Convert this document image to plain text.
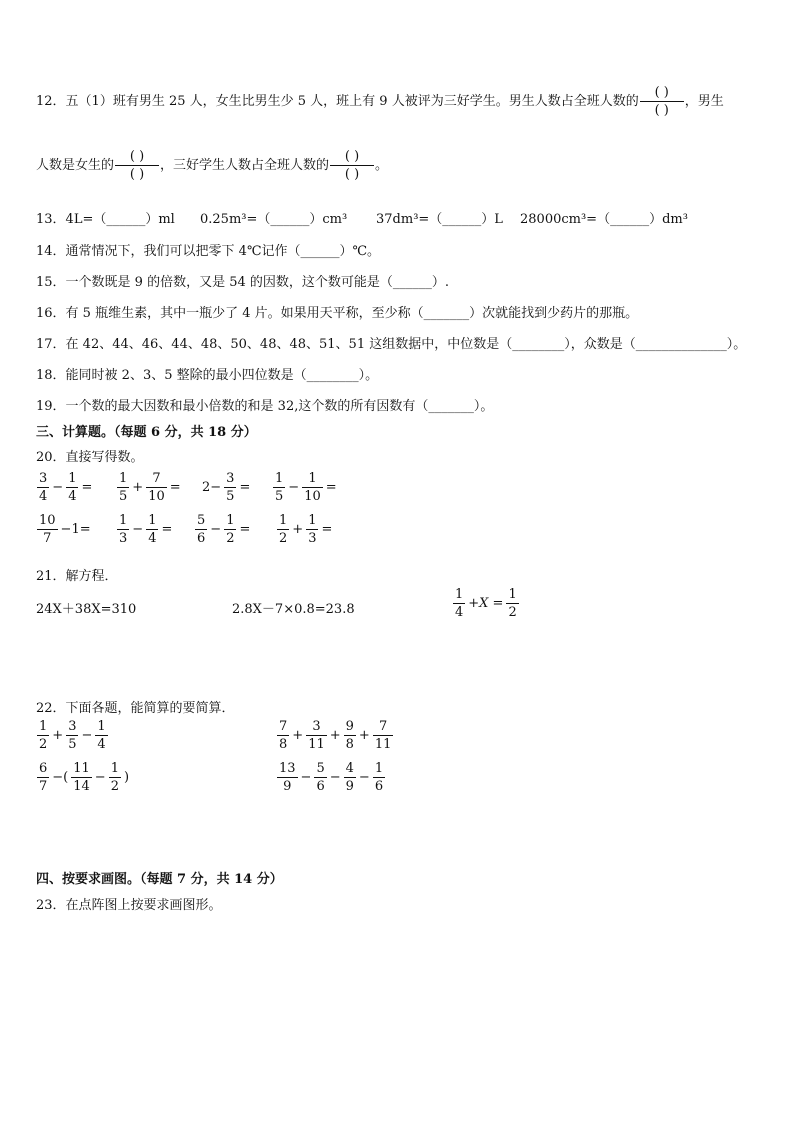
12．五（1）班有男生 25 人，女生比男生少 5 人，班上有 9 人被评为三好学生。男生人数占全班人数的 $\frac{( )}{( )}$ ，男生
人数是女生的 $\frac{( )}{( )}$ ，三好学生人数占全班人数的 $\frac{( )}{( )}$ 。
13．4L=（______）ml 0.25m³=（______）cm³ 37dm³=（______）L 28000cm³=（______）dm³
14．通常情况下，我们可以把零下 4℃记作（______）℃。
15．一个数既是 9 的倍数，又是 54 的因数，这个数可能是（______）.
16．有 5 瓶维生素，其中一瓶少了 4 片。如果用天平称，至少称（_______）次就能找到少药片的那瓶。
17．在 42、44、46、44、48、50、48、48、51、51 这组数据中，中位数是（________），众数是（______________）。
18．能同时被 2、3、5 整除的最小四位数是（________）。
19．一个数的最大因数和最小倍数的和是 32,这个数的所有因数有（_______）。
三、计算题。（每题 6 分，共 18 分）
20．直接写得数。
$\frac{3}{4} - \frac{1}{4} = \frac{1}{5} + \frac{7}{10} = 2- \frac{3}{5} = \frac{1}{5} - \frac{1}{10}$ =
$\frac{10}{7} -1= \frac{1}{3} - \frac{1}{4} = \frac{5}{6} - \frac{1}{2} = \frac{1}{2} + \frac{1}{3}$ =
21．解方程．
24X＋38X=310	2.8X－7×0.8=23.8	$\frac{1}{4} +X = \frac{1}{2}$
22．下面各题，能简算的要简算．
$\frac{1}{2} + \frac{3}{5} - \frac{1}{4}$	$\frac{7}{8} + \frac{3}{11} + \frac{9}{8} + \frac{7}{11}$
$\frac{6}{7}$ −( $\frac{11}{14} - \frac{1}{2}$ )	$\frac{13}{9} - \frac{5}{6} - \frac{4}{9} - \frac{1}{6}$
四、按要求画图。（每题 7 分，共 14 分）
23．在点阵图上按要求画图形。
